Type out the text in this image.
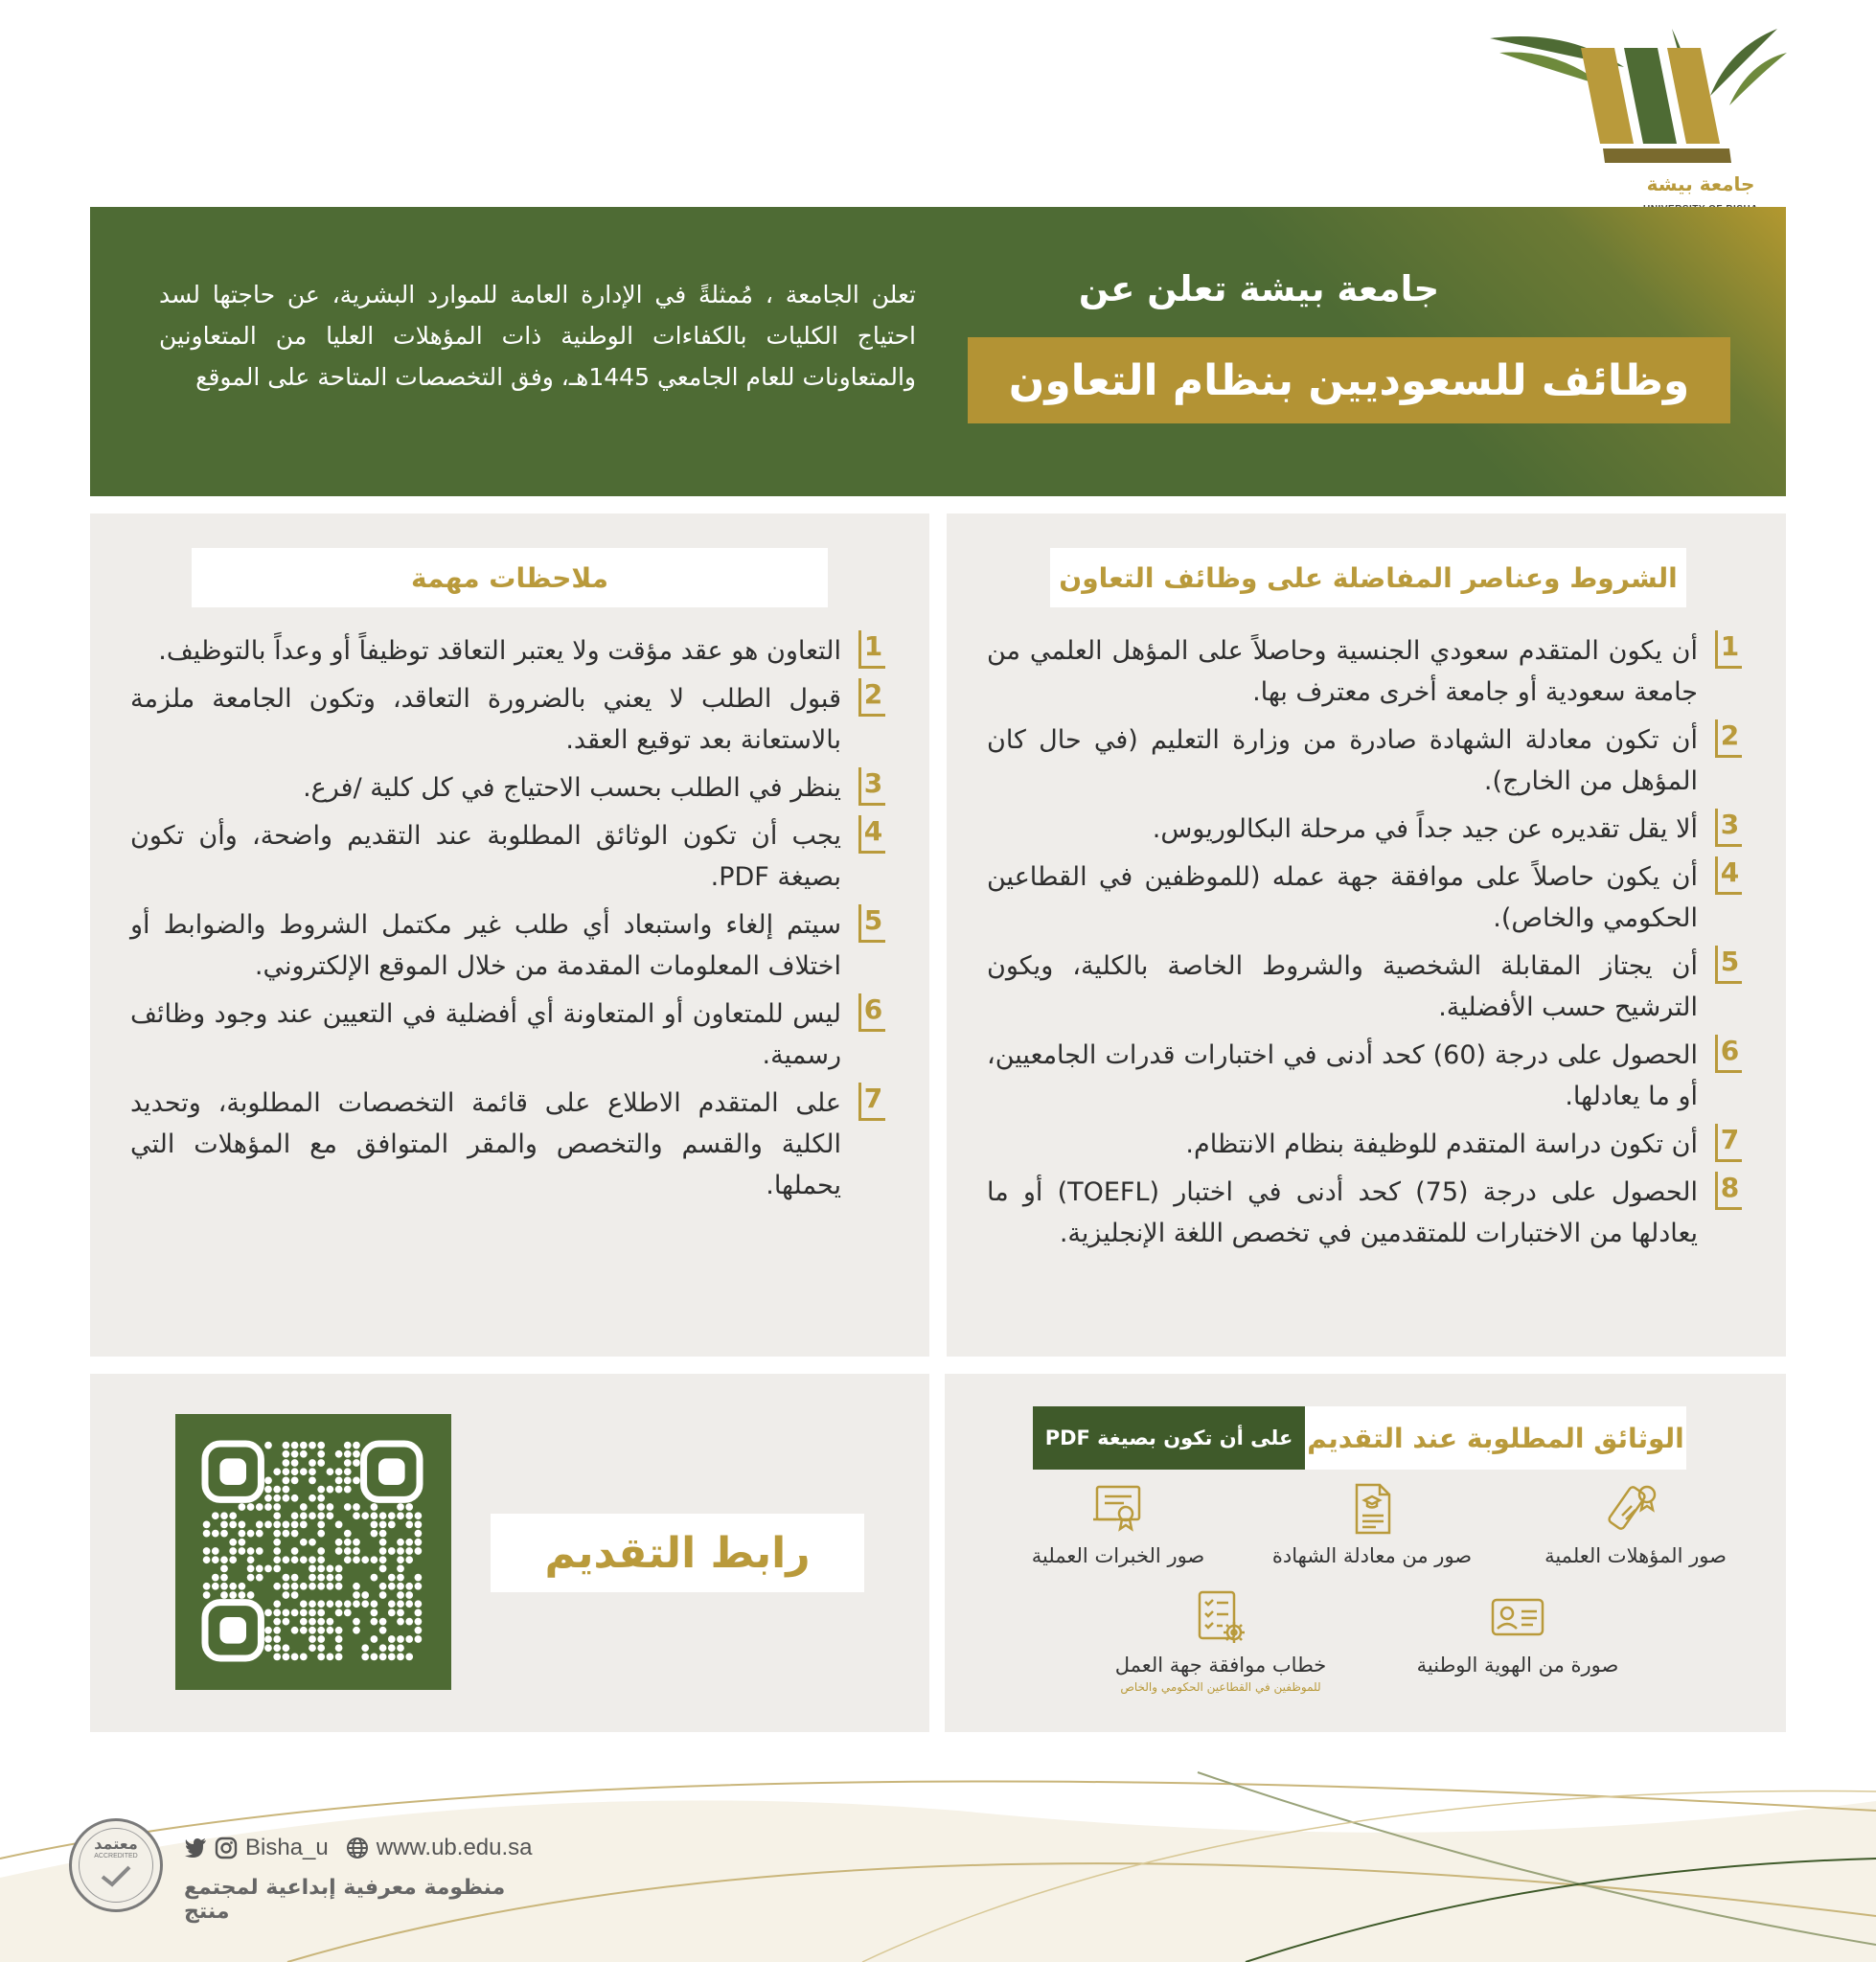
جامعة بيشة
جامعة بيشة تعلن عن
وظائف للسعوديين بنظام التعاون
تعلن الجامعة ، مُمثلةً في الإدارة العامة للموارد البشرية، عن حاجتها لسد احتياج الكليات بالكفاءات الوطنية ذات المؤهلات العليا من المتعاونين والمتعاونات للعام الجامعي 1445هـ، وفق التخصصات المتاحة على الموقع
الشروط وعناصر المفاضلة على وظائف التعاون
1
أن يكون المتقدم سعودي الجنسية وحاصلاً على المؤهل العلمي من جامعة سعودية أو جامعة أخرى معترف بها.
2
أن تكون معادلة الشهادة صادرة من وزارة التعليم (في حال كان المؤهل من الخارج).
3
ألا يقل تقديره عن جيد جداً في مرحلة البكالوريوس.
4
أن يكون حاصلاً على موافقة جهة عمله (للموظفين في القطاعين الحكومي والخاص).
5
أن يجتاز المقابلة الشخصية والشروط الخاصة بالكلية، ويكون الترشيح حسب الأفضلية.
6
الحصول على درجة (60) كحد أدنى في اختبارات قدرات الجامعيين، أو ما يعادلها.
7
أن تكون دراسة المتقدم للوظيفة بنظام الانتظام.
8
الحصول على درجة (75) كحد أدنى في اختبار (TOEFL) أو ما يعادلها من الاختبارات للمتقدمين في تخصص اللغة الإنجليزية.
ملاحظات مهمة
1
التعاون هو عقد مؤقت ولا يعتبر التعاقد توظيفاً أو وعداً بالتوظيف.
2
قبول الطلب لا يعني بالضرورة التعاقد، وتكون الجامعة ملزمة بالاستعانة بعد توقيع العقد.
3
ينظر في الطلب بحسب الاحتياج في كل كلية /فرع.
4
يجب أن تكون الوثائق المطلوبة عند التقديم واضحة، وأن تكون بصيغة PDF.
5
سيتم إلغاء واستبعاد أي طلب غير مكتمل الشروط والضوابط أو اختلاف المعلومات المقدمة من خلال الموقع الإلكتروني.
6
ليس للمتعاون أو المتعاونة أي أفضلية في التعيين عند وجود وظائف رسمية.
7
على المتقدم الاطلاع على قائمة التخصصات المطلوبة، وتحديد الكلية والقسم والتخصص والمقر المتوافق مع المؤهلات التي يحملها.
الوثائق المطلوبة عند التقديم
على أن تكون بصيغة PDF
صور المؤهلات العلمية
صور من معادلة الشهادة
صور الخبرات العملية
صورة من الهوية الوطنية
خطاب موافقة جهة العمل
للموظفين في القطاعين الحكومي والخاص
رابط التقديم
معتمد
ACCREDITED	Bisha_u www.ub.edu.sa
منظومة معرفية إبداعية لمجتمع منتج
